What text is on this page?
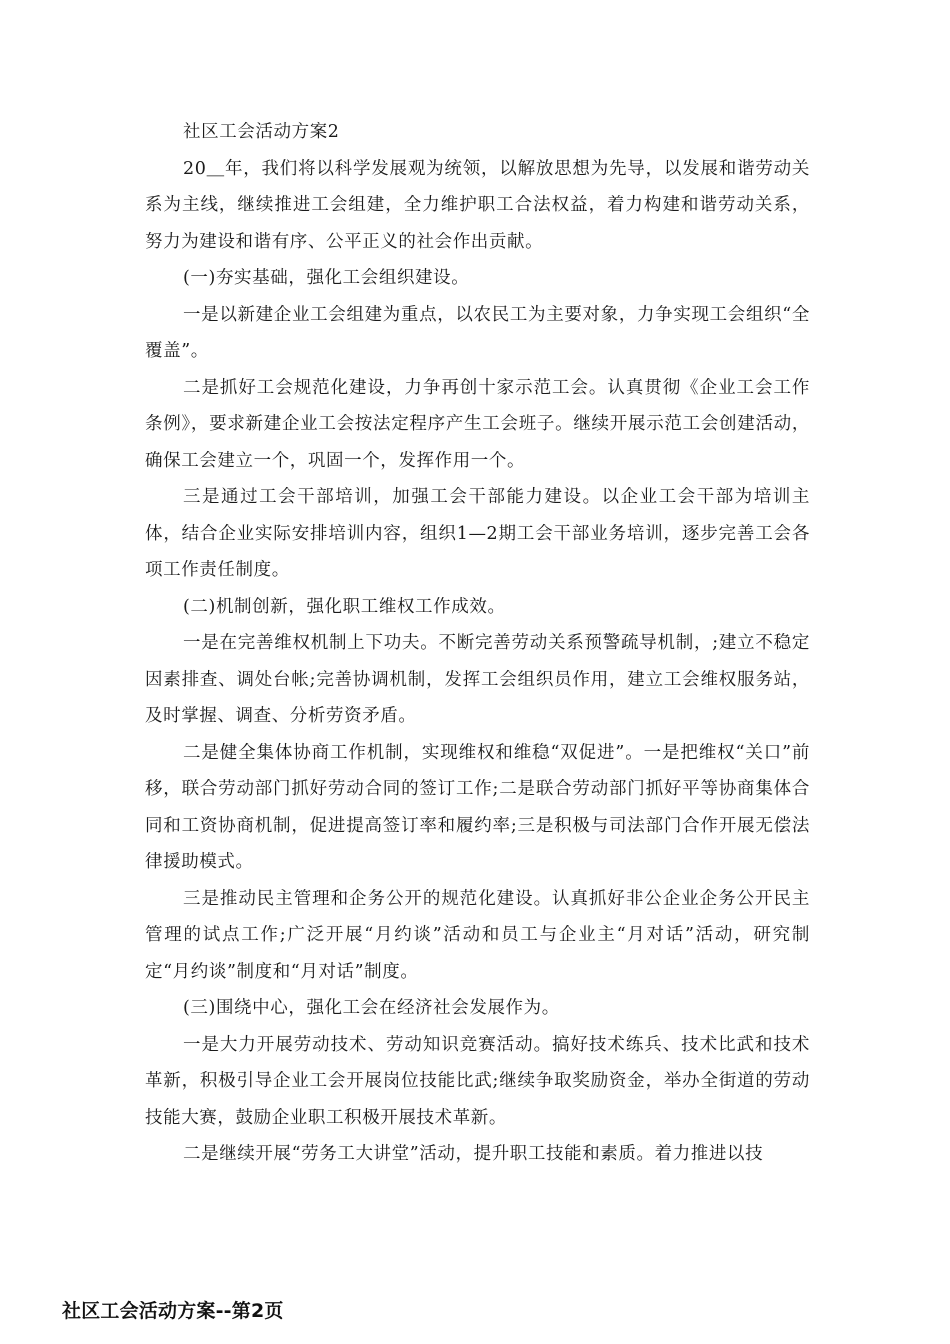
社区工会活动方案2

20＿年，我们将以科学发展观为统领，以解放思想为先导，以发展和谐劳动关系为主线，继续推进工会组建，全力维护职工合法权益，着力构建和谐劳动关系，努力为建设和谐有序、公平正义的社会作出贡献。

(一)夯实基础，强化工会组织建设。

一是以新建企业工会组建为重点，以农民工为主要对象，力争实现工会组织“全覆盖”。

二是抓好工会规范化建设，力争再创十家示范工会。认真贯彻《企业工会工作条例》，要求新建企业工会按法定程序产生工会班子。继续开展示范工会创建活动，确保工会建立一个，巩固一个，发挥作用一个。

三是通过工会干部培训，加强工会干部能力建设。以企业工会干部为培训主体，结合企业实际安排培训内容，组织1—2期工会干部业务培训，逐步完善工会各项工作责任制度。

(二)机制创新，强化职工维权工作成效。

一是在完善维权机制上下功夫。不断完善劳动关系预警疏导机制，;建立不稳定因素排查、调处台帐;完善协调机制，发挥工会组织员作用，建立工会维权服务站，及时掌握、调查、分析劳资矛盾。

二是健全集体协商工作机制，实现维权和维稳“双促进”。一是把维权“关口”前移，联合劳动部门抓好劳动合同的签订工作;二是联合劳动部门抓好平等协商集体合同和工资协商机制，促进提高签订率和履约率;三是积极与司法部门合作开展无偿法律援助模式。

三是推动民主管理和企务公开的规范化建设。认真抓好非公企业企务公开民主管理的试点工作;广泛开展“月约谈”活动和员工与企业主“月对话”活动，研究制定“月约谈”制度和“月对话”制度。

(三)围绕中心，强化工会在经济社会发展作为。

一是大力开展劳动技术、劳动知识竞赛活动。搞好技术练兵、技术比武和技术革新，积极引导企业工会开展岗位技能比武;继续争取奖励资金，举办全街道的劳动技能大赛，鼓励企业职工积极开展技术革新。

二是继续开展“劳务工大讲堂”活动，提升职工技能和素质。着力推进以技

社区工会活动方案--第2页
